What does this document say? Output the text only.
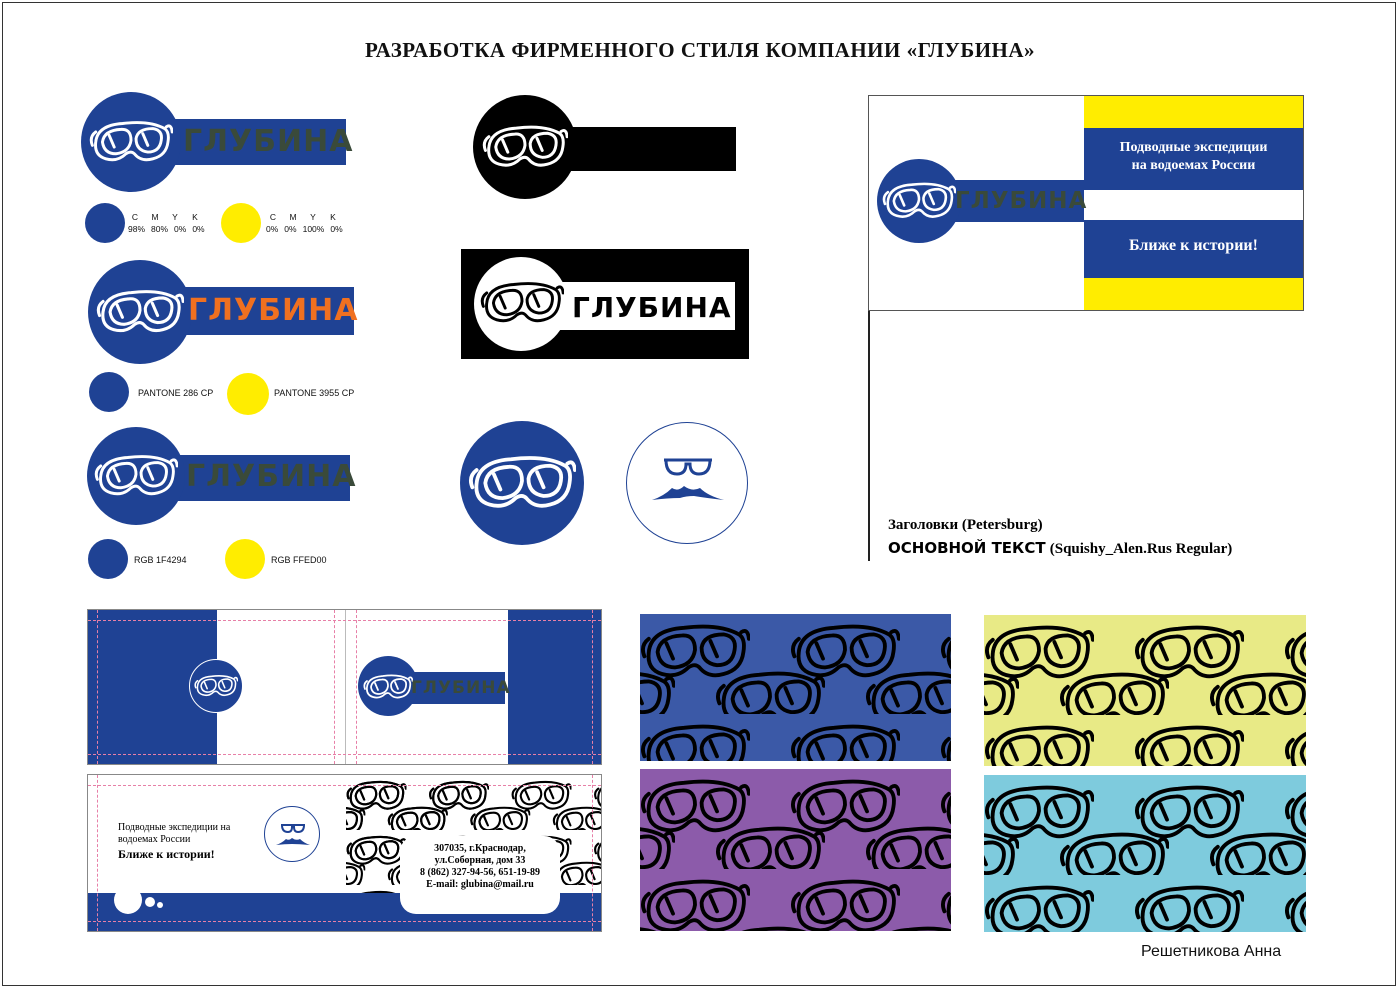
РАЗРАБОТКА ФИРМЕННОГО СТИЛЯ КОМПАНИИ «ГЛУБИНА»
ГЛУБИНА
C	M	Y	K
98% 80% 0% 0%
C	M	Y	K
0% 0% 100% 0%
ГЛУБИНА
PANTONE 286 CP	PANTONE 3955 CP
ГЛУБИНА
RGB 1F4294	RGB FFED00
ГЛУБИНА
ГЛУБИНА
Подводные экспедиции
на водоемах России
Ближе к истории!
Заголовки (Petersburg)
ОСНОВНОЙ ТЕКСТ (Squishy_Alen.Rus Regular)
ГЛУБИНА
Подводные экспедиции на водоемах России
Ближе к истории!	307035, г.Краснодар,
ул.Соборная, дом 33
8 (862) 327-94-56, 651-19-89
E-mail: glubina@mail.ru
Решетникова Анна
